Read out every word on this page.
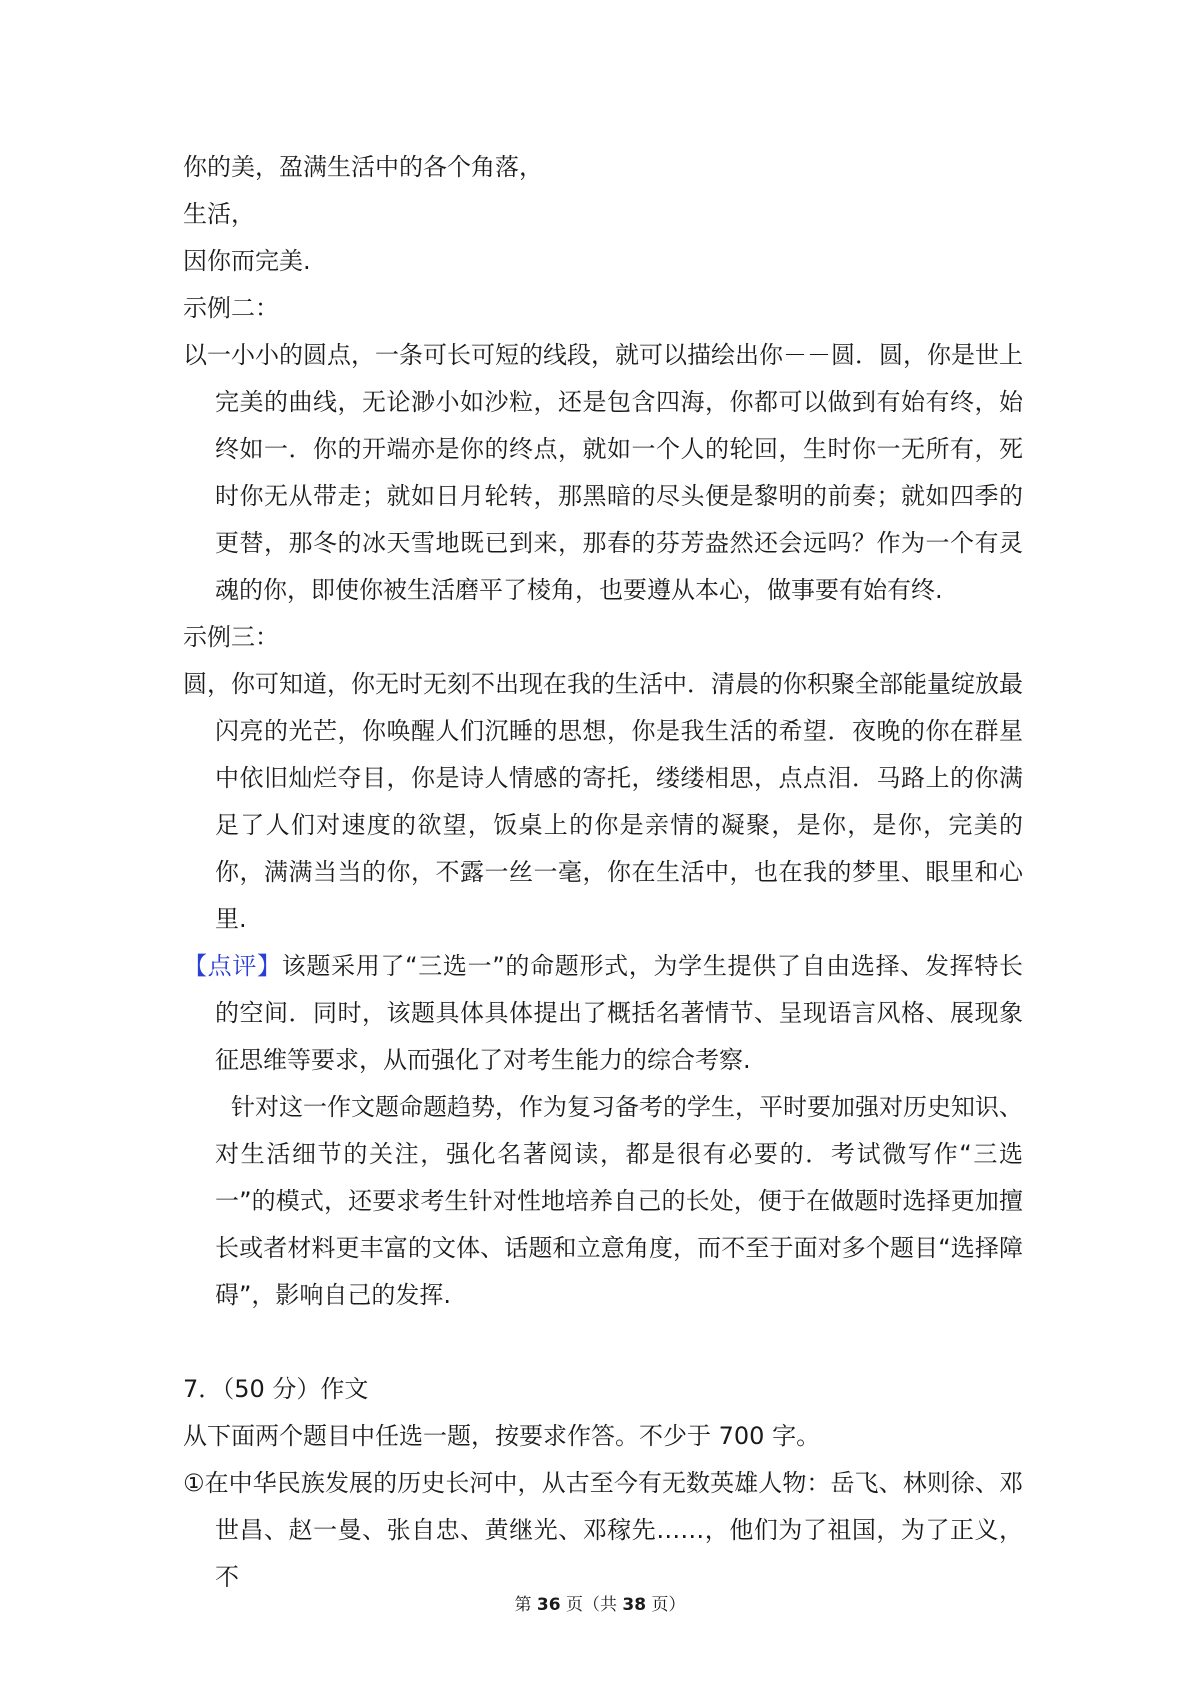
你的美，盈满生活中的各个角落，
生活，
因你而完美.
示例二：

以一小小的圆点，一条可长可短的线段，就可以描绘出你－－圆．圆，你是世上完美的曲线，无论渺小如沙粒，还是包含四海，你都可以做到有始有终，始终如一．你的开端亦是你的终点，就如一个人的轮回，生时你一无所有，死时你无从带走；就如日月轮转，那黑暗的尽头便是黎明的前奏；就如四季的更替，那冬的冰天雪地既已到来，那春的芬芳盎然还会远吗？作为一个有灵魂的你，即使你被生活磨平了棱角，也要遵从本心，做事要有始有终.

示例三：

圆，你可知道，你无时无刻不出现在我的生活中．清晨的你积聚全部能量绽放最闪亮的光芒，你唤醒人们沉睡的思想，你是我生活的希望．夜晚的你在群星中依旧灿烂夺目，你是诗人情感的寄托，缕缕相思，点点泪．马路上的你满足了人们对速度的欲望，饭桌上的你是亲情的凝聚，是你，是你，完美的你，满满当当的你，不露一丝一毫，你在生活中，也在我的梦里、眼里和心里.

【点评】该题采用了“三选一”的命题形式，为学生提供了自由选择、发挥特长的空间．同时，该题具体具体提出了概括名著情节、呈现语言风格、展现象征思维等要求，从而强化了对考生能力的综合考察.

针对这一作文题命题趋势，作为复习备考的学生，平时要加强对历史知识、对生活细节的关注，强化名著阅读，都是很有必要的．考试微写作“三选一”的模式，还要求考生针对性地培养自己的长处，便于在做题时选择更加擅长或者材料更丰富的文体、话题和立意角度，而不至于面对多个题目“选择障碍”，影响自己的发挥.

7．（50 分）作文
从下面两个题目中任选一题，按要求作答。不少于 700 字。

①在中华民族发展的历史长河中，从古至今有无数英雄人物：岳飞、林则徐、邓世昌、赵一曼、张自忠、黄继光、邓稼先……，他们为了祖国，为了正义，不

第 36 页（共 38 页）
